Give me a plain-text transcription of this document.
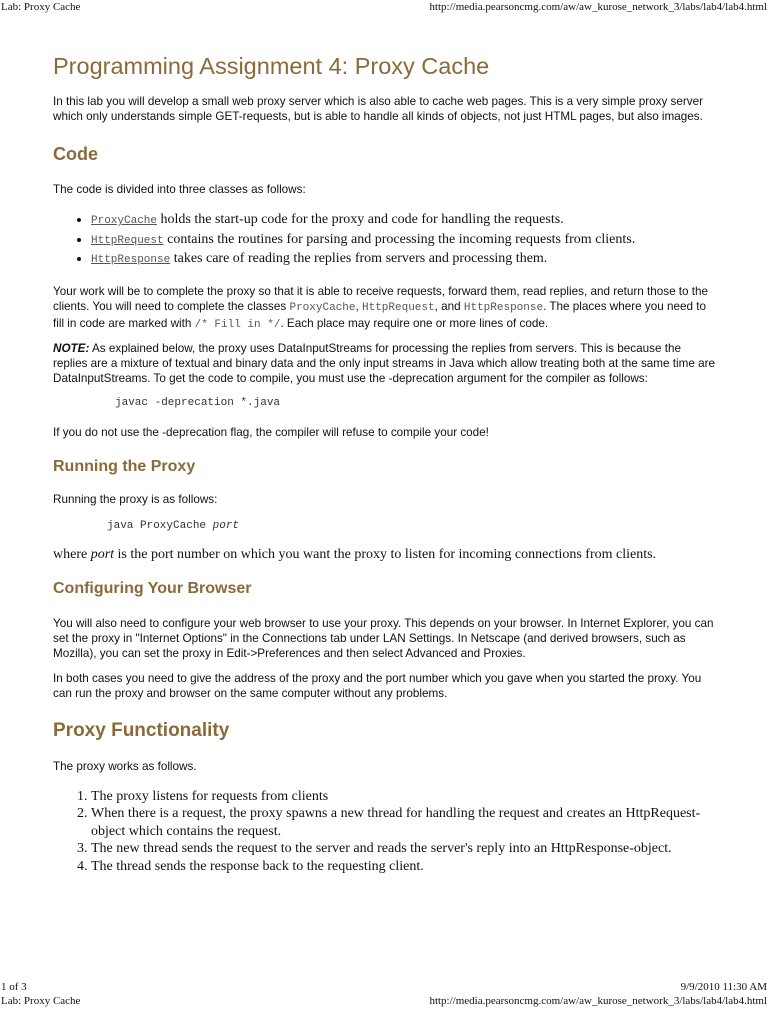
Lab: Proxy Cache	http://media.pearsoncmg.com/aw/aw_kurose_network_3/labs/lab4/lab4.html
Programming Assignment 4: Proxy Cache

In this lab you will develop a small web proxy server which is also able to cache web pages. This is a very simple proxy server which only understands simple GET-requests, but is able to handle all kinds of objects, not just HTML pages, but also images.

Code

The code is divided into three classes as follows:

• ProxyCache holds the start-up code for the proxy and code for handling the requests.
• HttpRequest contains the routines for parsing and processing the incoming requests from clients.
• HttpResponse takes care of reading the replies from servers and processing them.

Your work will be to complete the proxy so that it is able to receive requests, forward them, read replies, and return those to the clients. You will need to complete the classes ProxyCache, HttpRequest, and HttpResponse. The places where you need to fill in code are marked with /* Fill in */. Each place may require one or more lines of code.

NOTE: As explained below, the proxy uses DataInputStreams for processing the replies from servers. This is because the replies are a mixture of textual and binary data and the only input streams in Java which allow treating both at the same time are DataInputStreams. To get the code to compile, you must use the -deprecation argument for the compiler as follows:

javac -deprecation *.java

If you do not use the -deprecation flag, the compiler will refuse to compile your code!

Running the Proxy

Running the proxy is as follows:

java ProxyCache port

where port is the port number on which you want the proxy to listen for incoming connections from clients.

Configuring Your Browser

You will also need to configure your web browser to use your proxy. This depends on your browser. In Internet Explorer, you can set the proxy in "Internet Options" in the Connections tab under LAN Settings. In Netscape (and derived browsers, such as Mozilla), you can set the proxy in Edit->Preferences and then select Advanced and Proxies.

In both cases you need to give the address of the proxy and the port number which you gave when you started the proxy. You can run the proxy and browser on the same computer without any problems.

Proxy Functionality

The proxy works as follows.

1. The proxy listens for requests from clients
2. When there is a request, the proxy spawns a new thread for handling the request and creates an HttpRequest-object which contains the request.
3. The new thread sends the request to the server and reads the server's reply into an HttpResponse-object.
4. The thread sends the response back to the requesting client.
1 of 3	9/9/2010 11:30 AM
Lab: Proxy Cache	http://media.pearsoncmg.com/aw/aw_kurose_network_3/labs/lab4/lab4.html
